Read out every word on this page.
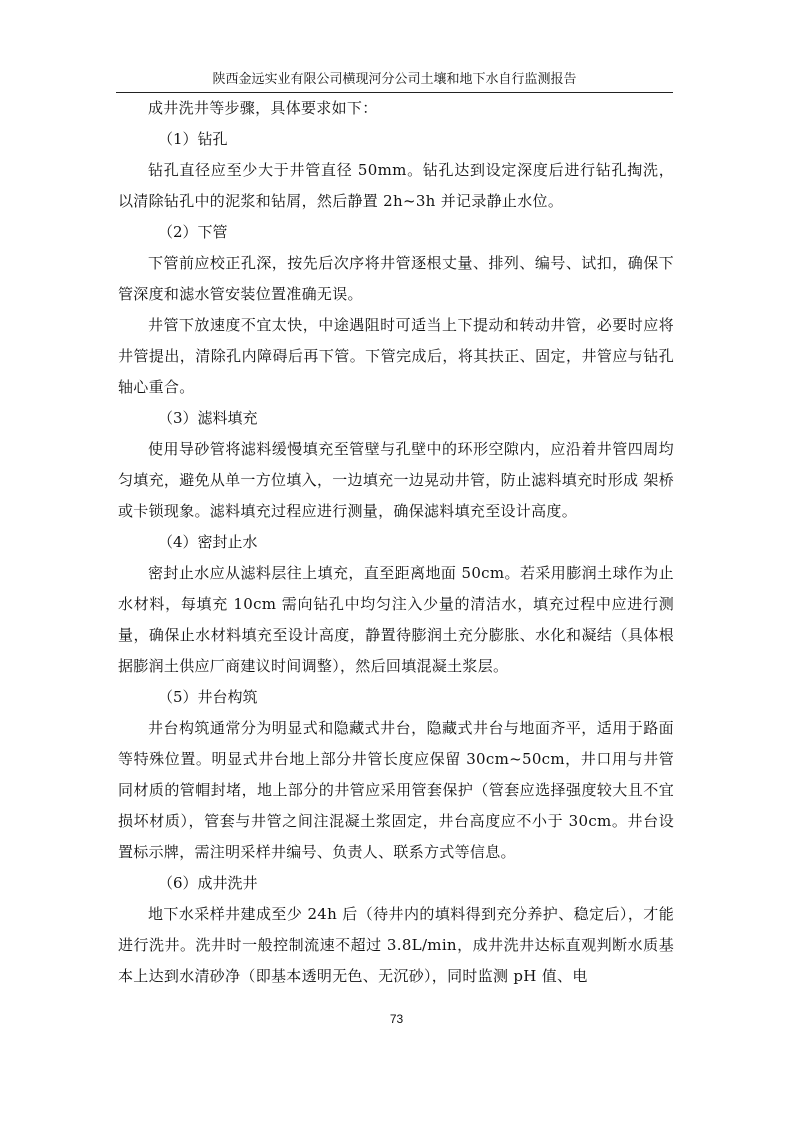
陕西金远实业有限公司横现河分公司土壤和地下水自行监测报告

成井洗井等步骤，具体要求如下：

（1）钻孔

钻孔直径应至少大于井管直径 50mm。钻孔达到设定深度后进行钻孔掏洗，以清除钻孔中的泥浆和钻屑，然后静置 2h~3h 并记录静止水位。

（2）下管

下管前应校正孔深，按先后次序将井管逐根丈量、排列、编号、试扣，确保下管深度和滤水管安装位置准确无误。

井管下放速度不宜太快，中途遇阻时可适当上下提动和转动井管，必要时应将井管提出，清除孔内障碍后再下管。下管完成后，将其扶正、固定，井管应与钻孔轴心重合。

（3）滤料填充

使用导砂管将滤料缓慢填充至管壁与孔壁中的环形空隙内，应沿着井管四周均匀填充，避免从单一方位填入，一边填充一边晃动井管，防止滤料填充时形成 架桥或卡锁现象。滤料填充过程应进行测量，确保滤料填充至设计高度。

（4）密封止水

密封止水应从滤料层往上填充，直至距离地面 50cm。若采用膨润土球作为止水材料，每填充 10cm 需向钻孔中均匀注入少量的清洁水，填充过程中应进行测量，确保止水材料填充至设计高度，静置待膨润土充分膨胀、水化和凝结（具体根据膨润土供应厂商建议时间调整），然后回填混凝土浆层。

（5）井台构筑

井台构筑通常分为明显式和隐藏式井台，隐藏式井台与地面齐平，适用于路面等特殊位置。明显式井台地上部分井管长度应保留 30cm~50cm，井口用与井管同材质的管帽封堵，地上部分的井管应采用管套保护（管套应选择强度较大且不宜损坏材质），管套与井管之间注混凝土浆固定，井台高度应不小于 30cm。井台设置标示牌，需注明采样井编号、负责人、联系方式等信息。

（6）成井洗井

地下水采样井建成至少 24h 后（待井内的填料得到充分养护、稳定后），才能进行洗井。洗井时一般控制流速不超过 3.8L/min，成井洗井达标直观判断水质基本上达到水清砂净（即基本透明无色、无沉砂），同时监测 pH 值、电

73
